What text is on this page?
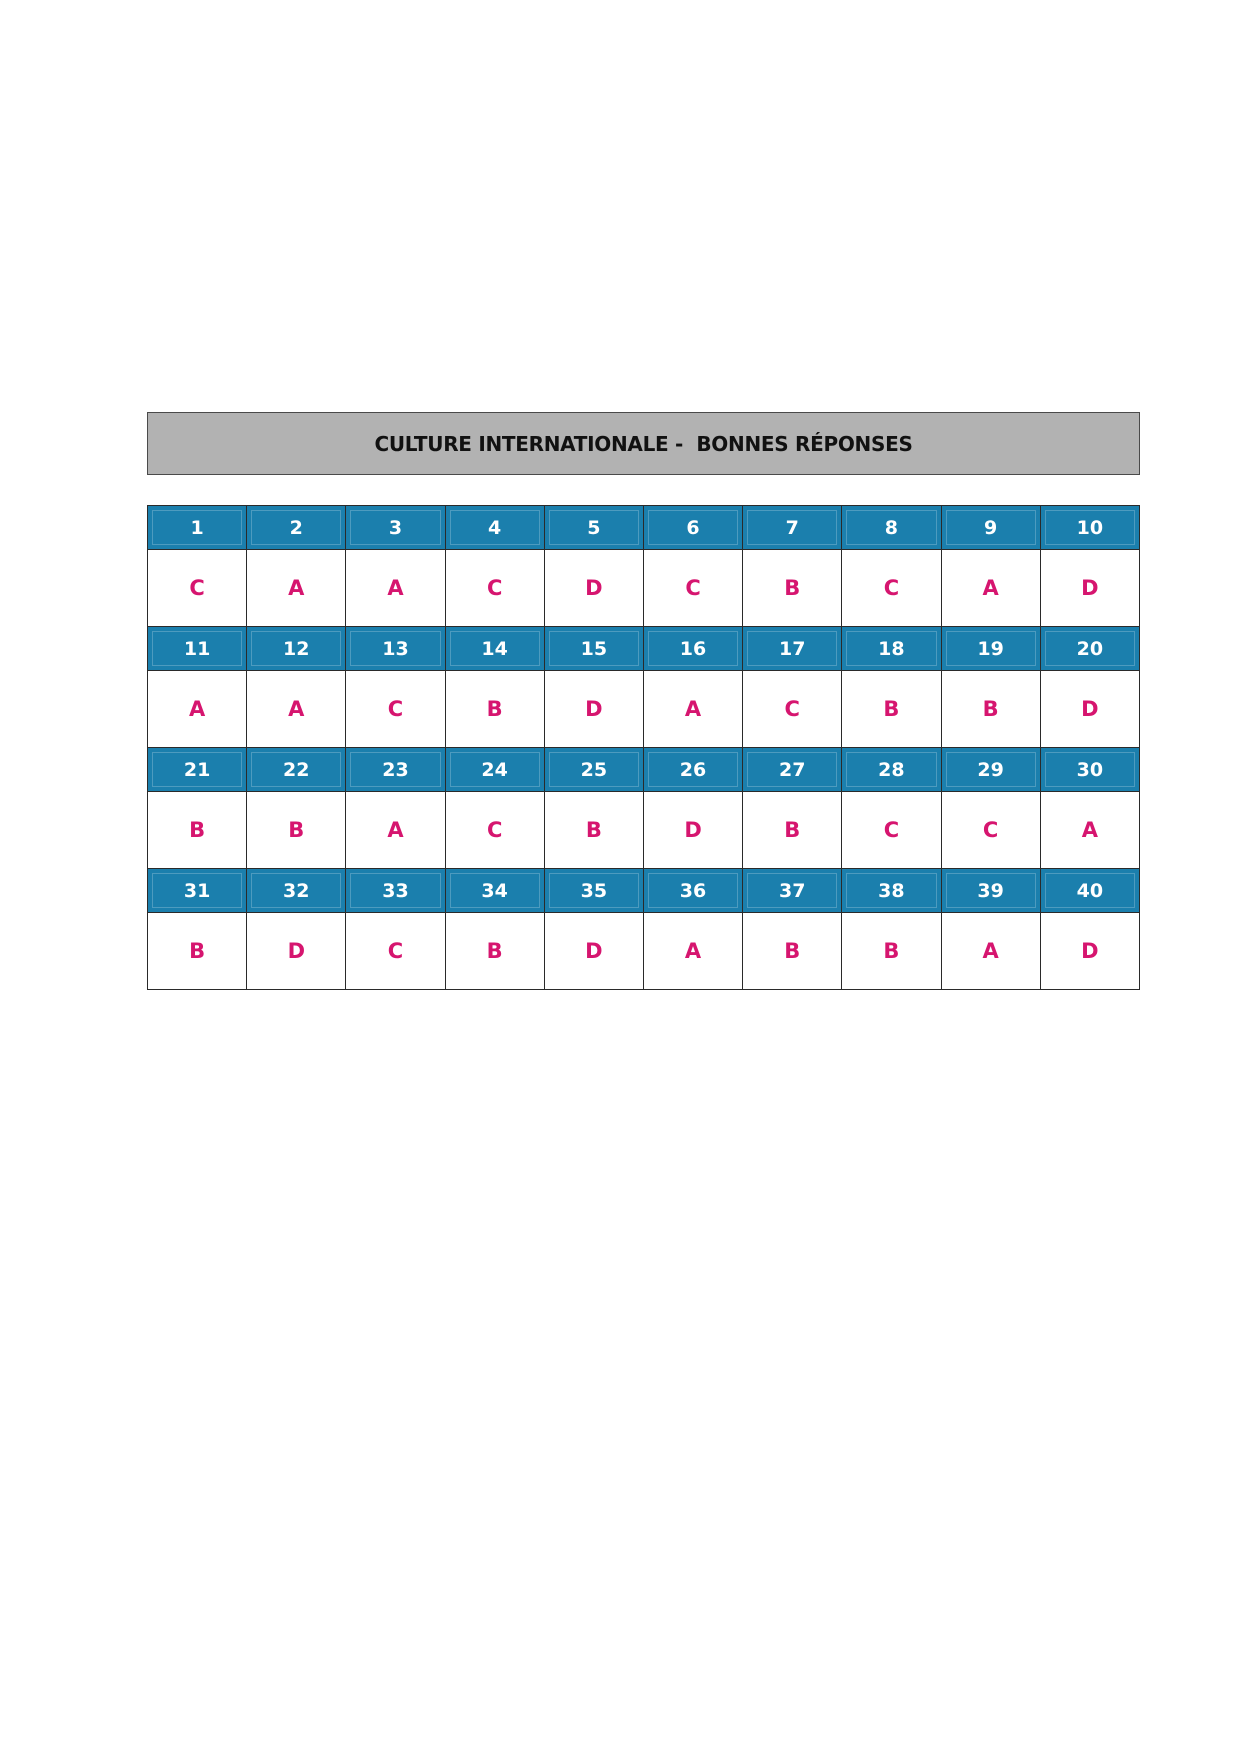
CULTURE INTERNATIONALE -  BONNES RÉPONSES
1	2	3	4	5	6	7	8	9	10
C	A	A	C	D	C	B	C	A	D
11	12	13	14	15	16	17	18	19	20
A	A	C	B	D	A	C	B	B	D
21	22	23	24	25	26	27	28	29	30
B	B	A	C	B	D	B	C	C	A
31	32	33	34	35	36	37	38	39	40
B	D	C	B	D	A	B	B	A	D
